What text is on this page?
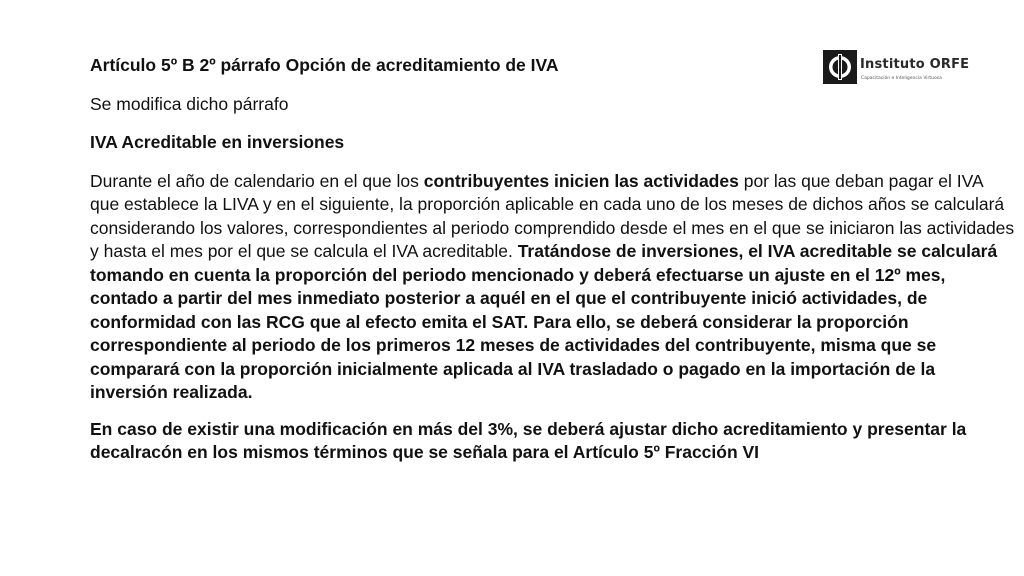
Instituto ORFE
Capacitación e Inteligencia Virtuosa

Artículo 5º B 2º párrafo Opción de acreditamiento de IVA

Se modifica dicho párrafo

IVA Acreditable en inversiones

Durante el año de calendario en el que los contribuyentes inicien las actividades por las que deban pagar el IVA que establece la LIVA y en el siguiente, la proporción aplicable en cada uno de los meses de dichos años se calculará considerando los valores, correspondientes al periodo comprendido desde el mes en el que se iniciaron las actividades y hasta el mes por el que se calcula el IVA acreditable. Tratándose de inversiones, el IVA acreditable se calculará tomando en cuenta la proporción del periodo mencionado y deberá efectuarse un ajuste en el 12º mes, contado a partir del mes inmediato posterior a aquél en el que el contribuyente inició actividades, de conformidad con las RCG que al efecto emita el SAT. Para ello, se deberá considerar la proporción correspondiente al periodo de los primeros 12 meses de actividades del contribuyente, misma que se comparará con la proporción inicialmente aplicada al IVA trasladado o pagado en la importación de la inversión realizada.

En caso de existir una modificación en más del 3%, se deberá ajustar dicho acreditamiento y presentar la decalracón en los mismos términos que se señala para el Artículo 5º Fracción VI
